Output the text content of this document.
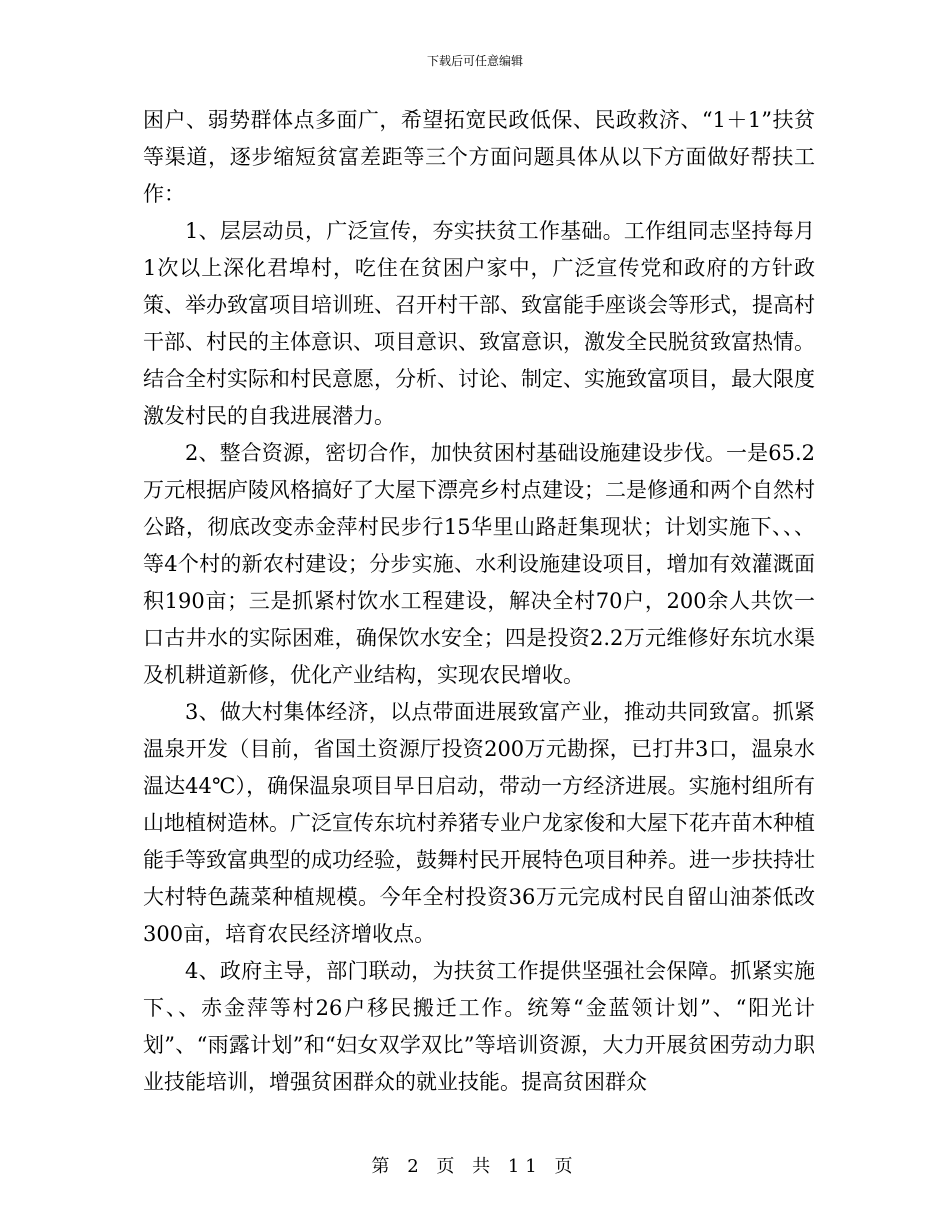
下载后可任意编辑

困户、弱势群体点多面广，希望拓宽民政低保、民政救济、“1＋1”扶贫等渠道，逐步缩短贫富差距等三个方面问题具体从以下方面做好帮扶工作：

1、层层动员，广泛宣传，夯实扶贫工作基础。工作组同志坚持每月1次以上深化君埠村，吃住在贫困户家中，广泛宣传党和政府的方针政策、举办致富项目培训班、召开村干部、致富能手座谈会等形式，提高村干部、村民的主体意识、项目意识、致富意识，激发全民脱贫致富热情。结合全村实际和村民意愿，分析、讨论、制定、实施致富项目，最大限度激发村民的自我进展潜力。

2、整合资源，密切合作，加快贫困村基础设施建设步伐。一是65.2万元根据庐陵风格搞好了大屋下漂亮乡村点建设；二是修通和两个自然村公路，彻底改变赤金萍村民步行15华里山路赶集现状；计划实施下、、、等4个村的新农村建设；分步实施、水利设施建设项目，增加有效灌溉面积190亩；三是抓紧村饮水工程建设，解决全村70户，200余人共饮一口古井水的实际困难，确保饮水安全；四是投资2.2万元维修好东坑水渠及机耕道新修，优化产业结构，实现农民增收。

3、做大村集体经济，以点带面进展致富产业，推动共同致富。抓紧温泉开发（目前，省国土资源厅投资200万元勘探，已打井3口，温泉水温达44℃），确保温泉项目早日启动，带动一方经济进展。实施村组所有山地植树造林。广泛宣传东坑村养猪专业户龙家俊和大屋下花卉苗木种植能手等致富典型的成功经验，鼓舞村民开展特色项目种养。进一步扶持壮大村特色蔬菜种植规模。今年全村投资36万元完成村民自留山油茶低改300亩，培育农民经济增收点。

4、政府主导，部门联动，为扶贫工作提供坚强社会保障。抓紧实施下、、赤金萍等村26户移民搬迁工作。统筹“金蓝领计划”、“阳光计划”、“雨露计划”和“妇女双学双比”等培训资源，大力开展贫困劳动力职业技能培训，增强贫困群众的就业技能。提高贫困群众

第 2 页 共 11 页
